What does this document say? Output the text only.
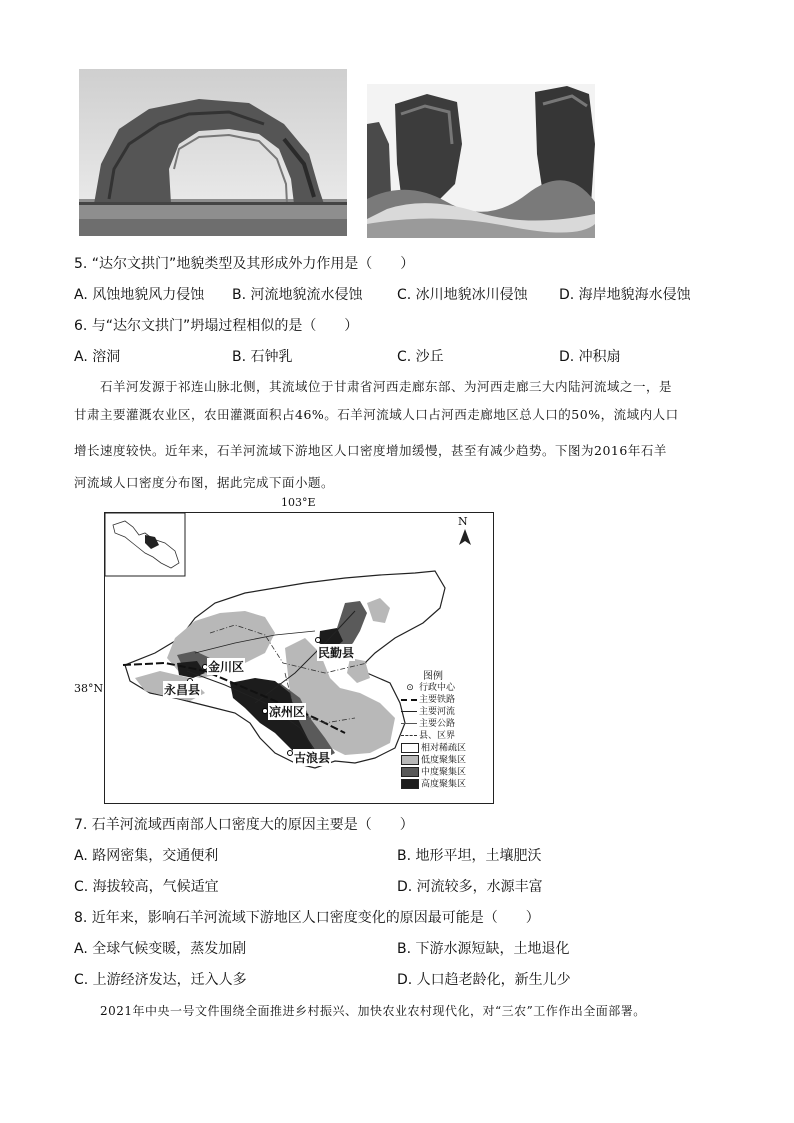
5. “达尔文拱门”地貌类型及其形成外力作用是（　　）
A. 风蚀地貌风力侵蚀 B. 河流地貌流水侵蚀 C. 冰川地貌冰川侵蚀 D. 海岸地貌海水侵蚀
6. 与“达尔文拱门”坍塌过程相似的是（　　）
A. 溶洞	B. 石钟乳	C. 沙丘	D. 冲积扇
石羊河发源于祁连山脉北侧，其流域位于甘肃省河西走廊东部、为河西走廊三大内陆河流域之一，是
甘肃主要灌溉农业区，农田灌溉面积占46%。石羊河流域人口占河西走廊地区总人口的50%，流域内人口
增长速度较快。近年来，石羊河流域下游地区人口密度增加缓慢，甚至有减少趋势。下图为2016年石羊
河流域人口密度分布图，据此完成下面小题。
103°E
38°N
N
金川区
民勤县
永昌县
凉州区
古浪县
图例
⊙ 行政中心
主要铁路
主要河流
主要公路
县、区界
相对稀疏区
低度聚集区
中度聚集区
高度聚集区
7. 石羊河流域西南部人口密度大的原因主要是（　　）
A. 路网密集，交通便利	B. 地形平坦，土壤肥沃
C. 海拔较高，气候适宜	D. 河流较多，水源丰富
8. 近年来，影响石羊河流域下游地区人口密度变化的原因最可能是（　　）
A. 全球气候变暖，蒸发加剧	B. 下游水源短缺，土地退化
C. 上游经济发达，迁入人多	D. 人口趋老龄化，新生儿少
2021年中央一号文件围绕全面推进乡村振兴、加快农业农村现代化，对“三农”工作作出全面部署。
